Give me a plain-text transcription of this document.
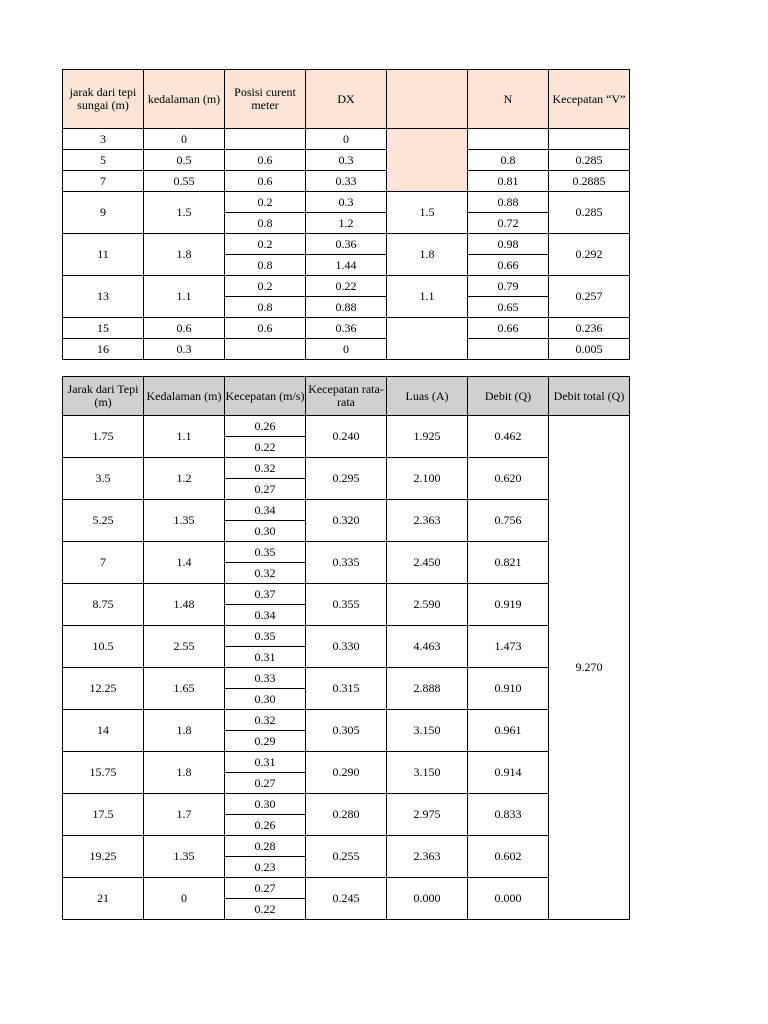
jarak dari tepi sungai (m)	kedalaman (m)	Posisi curent meter	DX		N	Kecepatan “V”
3	0		0			
5	0.5	0.6	0.3		0.8	0.285
7	0.55	0.6	0.33		0.81	0.2885
9	1.5	0.2	0.3	1.5	0.88	0.285
		0.8	1.2		0.72	
11	1.8	0.2	0.36	1.8	0.98	0.292
		0.8	1.44		0.66	
13	1.1	0.2	0.22	1.1	0.79	0.257
		0.8	0.88		0.65	
15	0.6	0.6	0.36		0.66	0.236
16	0.3		0			0.005
Jarak dari Tepi (m)	Kedalaman (m)	Kecepatan (m/s)	Kecepatan rata-rata	Luas (A)	Debit (Q)	Debit total (Q)
1.75	1.1	0.26	0.240	1.925	0.462	9.270
		0.22				
3.5	1.2	0.32	0.295	2.100	0.620	
		0.27				
5.25	1.35	0.34	0.320	2.363	0.756	
		0.30				
7	1.4	0.35	0.335	2.450	0.821	
		0.32				
8.75	1.48	0.37	0.355	2.590	0.919	
		0.34				
10.5	2.55	0.35	0.330	4.463	1.473	
		0.31				
12.25	1.65	0.33	0.315	2.888	0.910	
		0.30				
14	1.8	0.32	0.305	3.150	0.961	
		0.29				
15.75	1.8	0.31	0.290	3.150	0.914	
		0.27				
17.5	1.7	0.30	0.280	2.975	0.833	
		0.26				
19.25	1.35	0.28	0.255	2.363	0.602	
		0.23				
21	0	0.27	0.245	0.000	0.000	
		0.22				
